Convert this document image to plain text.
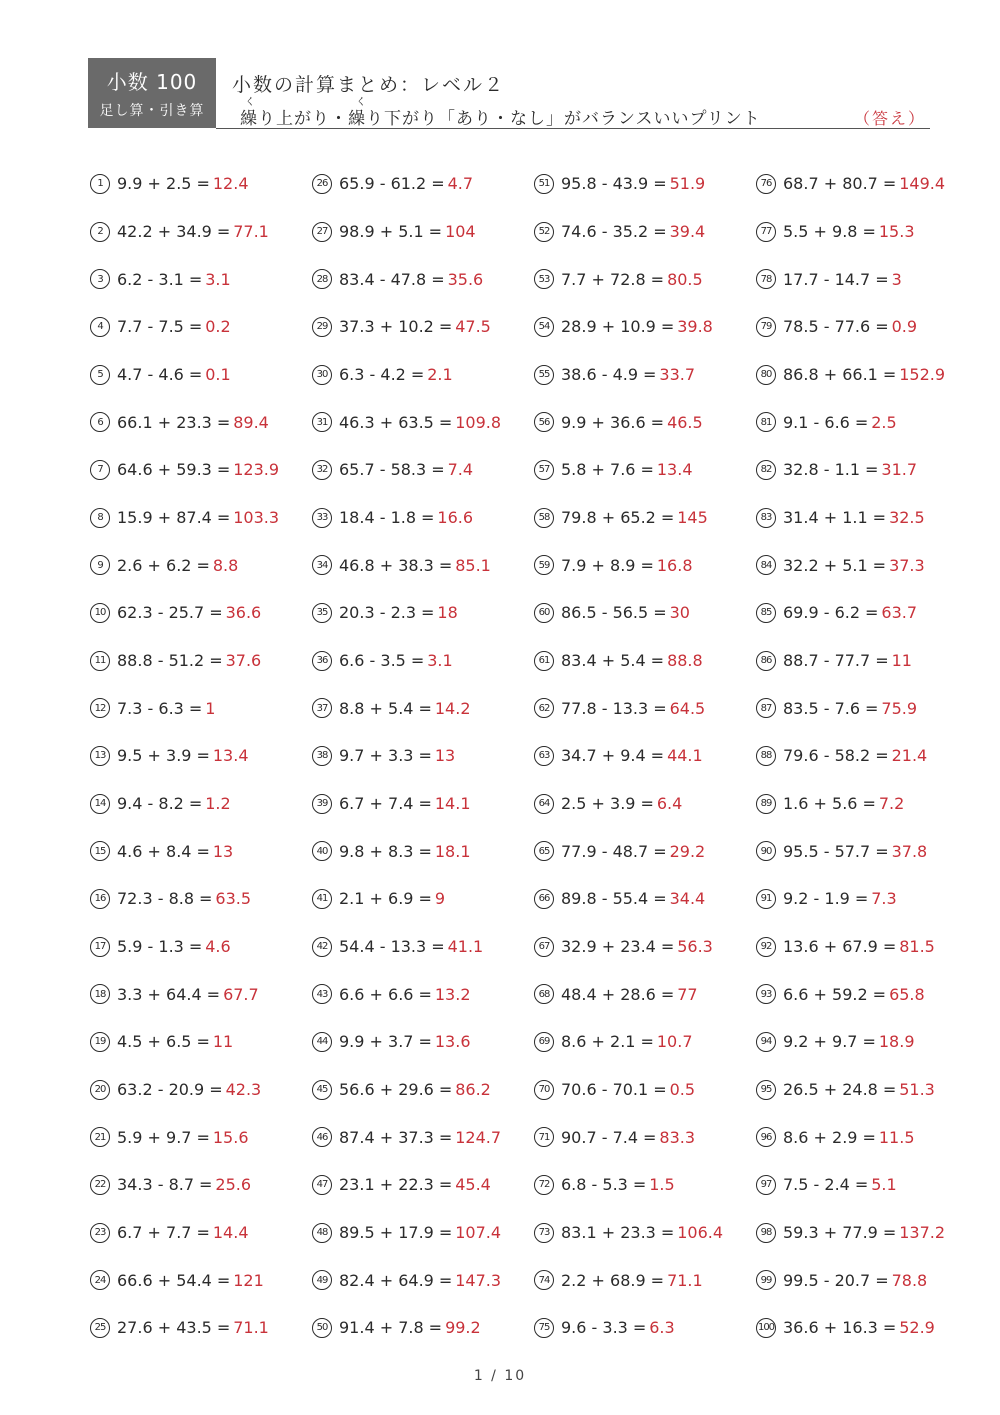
小数 100
足し算・引き算
小数の計算まとめ：レベル２
く	く
繰り上がり・繰り下がり「あり・なし」がバランスいいプリント	（答え）
1 9.9 + 2.5 = 12.4
2 42.2 + 34.9 = 77.1
3 6.2 - 3.1 = 3.1
4 7.7 - 7.5 = 0.2
5 4.7 - 4.6 = 0.1
6 66.1 + 23.3 = 89.4
7 64.6 + 59.3 = 123.9
8 15.9 + 87.4 = 103.3
9 2.6 + 6.2 = 8.8
10 62.3 - 25.7 = 36.6
11 88.8 - 51.2 = 37.6
12 7.3 - 6.3 = 1
13 9.5 + 3.9 = 13.4
14 9.4 - 8.2 = 1.2
15 4.6 + 8.4 = 13
16 72.3 - 8.8 = 63.5
17 5.9 - 1.3 = 4.6
18 3.3 + 64.4 = 67.7
19 4.5 + 6.5 = 11
20 63.2 - 20.9 = 42.3
21 5.9 + 9.7 = 15.6
22 34.3 - 8.7 = 25.6
23 6.7 + 7.7 = 14.4
24 66.6 + 54.4 = 121
25 27.6 + 43.5 = 71.1
26 65.9 - 61.2 = 4.7
27 98.9 + 5.1 = 104
28 83.4 - 47.8 = 35.6
29 37.3 + 10.2 = 47.5
30 6.3 - 4.2 = 2.1
31 46.3 + 63.5 = 109.8
32 65.7 - 58.3 = 7.4
33 18.4 - 1.8 = 16.6
34 46.8 + 38.3 = 85.1
35 20.3 - 2.3 = 18
36 6.6 - 3.5 = 3.1
37 8.8 + 5.4 = 14.2
38 9.7 + 3.3 = 13
39 6.7 + 7.4 = 14.1
40 9.8 + 8.3 = 18.1
41 2.1 + 6.9 = 9
42 54.4 - 13.3 = 41.1
43 6.6 + 6.6 = 13.2
44 9.9 + 3.7 = 13.6
45 56.6 + 29.6 = 86.2
46 87.4 + 37.3 = 124.7
47 23.1 + 22.3 = 45.4
48 89.5 + 17.9 = 107.4
49 82.4 + 64.9 = 147.3
50 91.4 + 7.8 = 99.2
51 95.8 - 43.9 = 51.9
52 74.6 - 35.2 = 39.4
53 7.7 + 72.8 = 80.5
54 28.9 + 10.9 = 39.8
55 38.6 - 4.9 = 33.7
56 9.9 + 36.6 = 46.5
57 5.8 + 7.6 = 13.4
58 79.8 + 65.2 = 145
59 7.9 + 8.9 = 16.8
60 86.5 - 56.5 = 30
61 83.4 + 5.4 = 88.8
62 77.8 - 13.3 = 64.5
63 34.7 + 9.4 = 44.1
64 2.5 + 3.9 = 6.4
65 77.9 - 48.7 = 29.2
66 89.8 - 55.4 = 34.4
67 32.9 + 23.4 = 56.3
68 48.4 + 28.6 = 77
69 8.6 + 2.1 = 10.7
70 70.6 - 70.1 = 0.5
71 90.7 - 7.4 = 83.3
72 6.8 - 5.3 = 1.5
73 83.1 + 23.3 = 106.4
74 2.2 + 68.9 = 71.1
75 9.6 - 3.3 = 6.3
76 68.7 + 80.7 = 149.4
77 5.5 + 9.8 = 15.3
78 17.7 - 14.7 = 3
79 78.5 - 77.6 = 0.9
80 86.8 + 66.1 = 152.9
81 9.1 - 6.6 = 2.5
82 32.8 - 1.1 = 31.7
83 31.4 + 1.1 = 32.5
84 32.2 + 5.1 = 37.3
85 69.9 - 6.2 = 63.7
86 88.7 - 77.7 = 11
87 83.5 - 7.6 = 75.9
88 79.6 - 58.2 = 21.4
89 1.6 + 5.6 = 7.2
90 95.5 - 57.7 = 37.8
91 9.2 - 1.9 = 7.3
92 13.6 + 67.9 = 81.5
93 6.6 + 59.2 = 65.8
94 9.2 + 9.7 = 18.9
95 26.5 + 24.8 = 51.3
96 8.6 + 2.9 = 11.5
97 7.5 - 2.4 = 5.1
98 59.3 + 77.9 = 137.2
99 99.5 - 20.7 = 78.8
100 36.6 + 16.3 = 52.9
1 / 10
